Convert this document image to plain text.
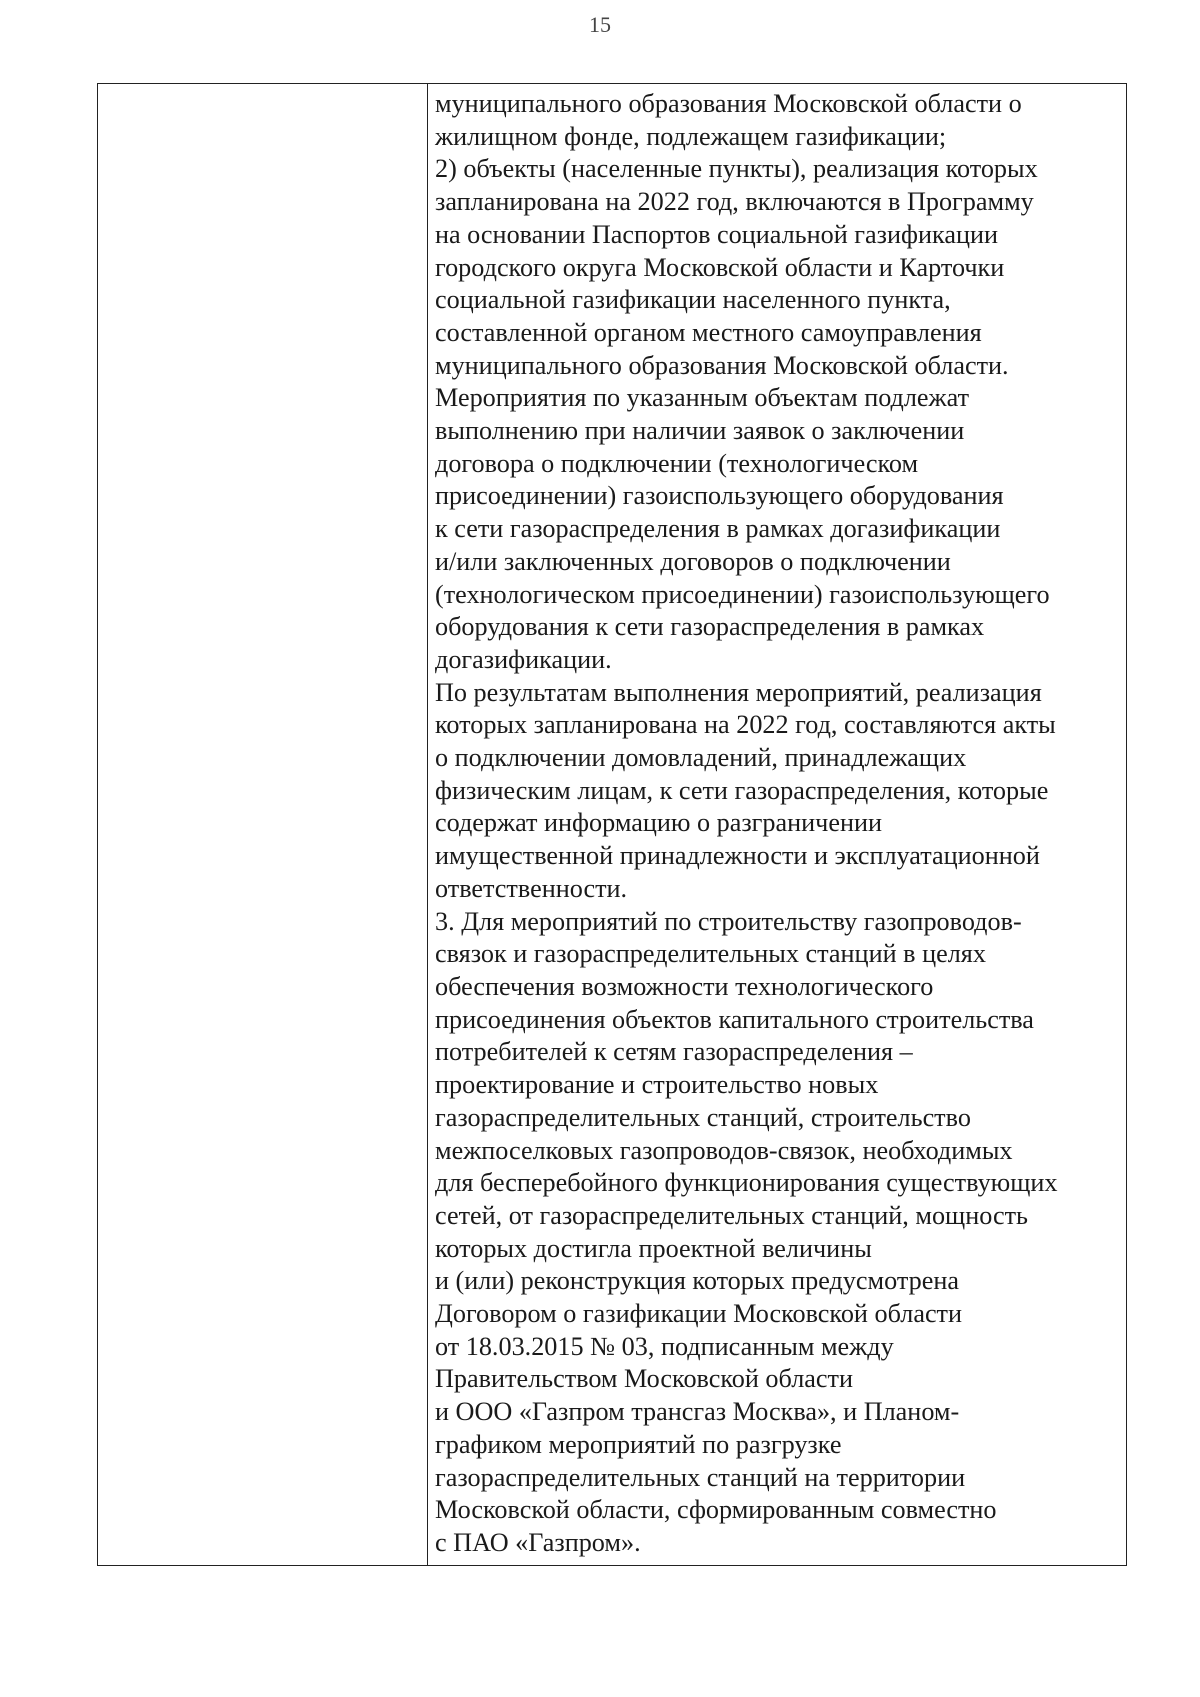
15
муниципального образования Московской области о
жилищном фонде, подлежащем газификации;
2) объекты (населенные пункты), реализация которых
запланирована на 2022 год, включаются в Программу
на основании Паспортов социальной газификации
городского округа Московской области и Карточки
социальной газификации населенного пункта,
составленной органом местного самоуправления
муниципального образования Московской области.
Мероприятия по указанным объектам подлежат
выполнению при наличии заявок о заключении
договора о подключении (технологическом
присоединении) газоиспользующего оборудования
к сети газораспределения в рамках догазификации
и/или заключенных договоров о подключении
(технологическом присоединении) газоиспользующего
оборудования к сети газораспределения в рамках
догазификации.
По результатам выполнения мероприятий, реализация
которых запланирована на 2022 год, составляются акты
о подключении домовладений, принадлежащих
физическим лицам, к сети газораспределения, которые
содержат информацию о разграничении
имущественной принадлежности и эксплуатационной
ответственности.
3. Для мероприятий по строительству газопроводов-
связок и газораспределительных станций в целях
обеспечения возможности технологического
присоединения объектов капитального строительства
потребителей к сетям газораспределения –
проектирование и строительство новых
газораспределительных станций, строительство
межпоселковых газопроводов-связок, необходимых
для бесперебойного функционирования существующих
сетей, от газораспределительных станций, мощность
которых достигла проектной величины
и (или) реконструкция которых предусмотрена
Договором о газификации Московской области
от 18.03.2015 № 03, подписанным между
Правительством Московской области
и ООО «Газпром трансгаз Москва», и Планом-
графиком мероприятий по разгрузке
газораспределительных станций на территории
Московской области, сформированным совместно
с ПАО «Газпром».
